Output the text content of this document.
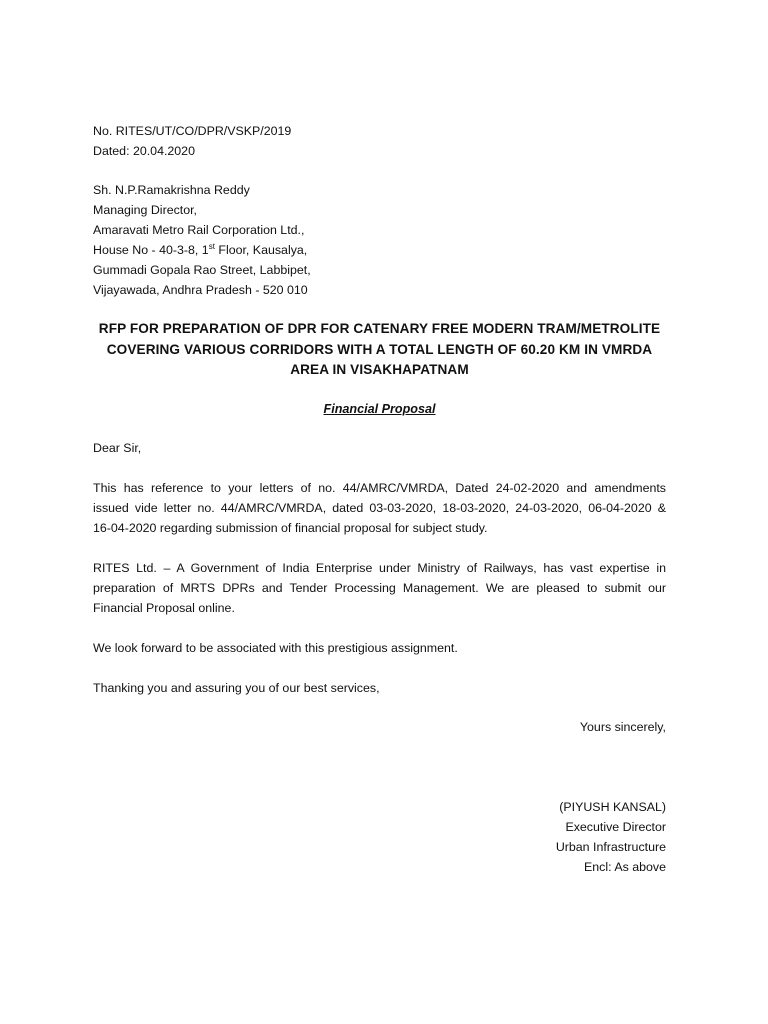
No. RITES/UT/CO/DPR/VSKP/2019
Dated: 20.04.2020
Sh. N.P.Ramakrishna Reddy
Managing Director,
Amaravati Metro Rail Corporation Ltd.,
House No - 40-3-8, 1st Floor, Kausalya,
Gummadi Gopala Rao Street, Labbipet,
Vijayawada, Andhra Pradesh - 520 010
RFP FOR PREPARATION OF DPR FOR CATENARY FREE MODERN TRAM/METROLITE
COVERING VARIOUS CORRIDORS WITH A TOTAL LENGTH OF 60.20 KM IN VMRDA
AREA IN VISAKHAPATNAM
Financial Proposal
Dear Sir,
This has reference to your letters of no. 44/AMRC/VMRDA, Dated 24-02-2020 and amendments
issued vide letter no. 44/AMRC/VMRDA, dated 03-03-2020, 18-03-2020, 24-03-2020, 06-04-2020 &
16-04-2020 regarding submission of financial proposal for subject study.
RITES Ltd. – A Government of India Enterprise under Ministry of Railways, has vast expertise in
preparation of MRTS DPRs and Tender Processing Management. We are pleased to submit our
Financial Proposal online.
We look forward to be associated with this prestigious assignment.
Thanking you and assuring you of our best services,
Yours sincerely,
(PIYUSH KANSAL)
Executive Director
Urban Infrastructure
Encl: As above
